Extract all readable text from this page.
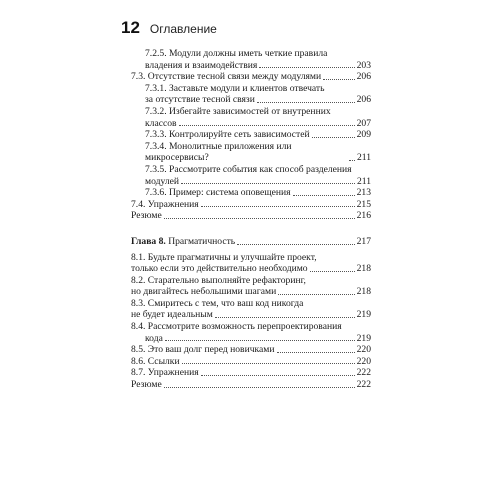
12 Оглавление
7.2.5. Модули должны иметь четкие правила
владения и взаимодействия	203
7.3. Отсутствие тесной связи между модулями	206
7.3.1. Заставьте модули и клиентов отвечать
за отсутствие тесной связи	206
7.3.2. Избегайте зависимостей от внутренних
классов	207
7.3.3. Контролируйте сеть зависимостей	209
7.3.4. Монолитные приложения или микросервисы?	211
7.3.5. Рассмотрите события как способ разделения
модулей	211
7.3.6. Пример: система оповещения	213
7.4. Упражнения	215
Резюме	216
Глава 8. Прагматичность	217
8.1. Будьте прагматичны и улучшайте проект,
только если это действительно необходимо	218
8.2. Старательно выполняйте рефакторинг,
но двигайтесь небольшими шагами	218
8.3. Смиритесь с тем, что ваш код никогда
не будет идеальным	219
8.4. Рассмотрите возможность перепроектирования
кода	219
8.5. Это ваш долг перед новичками	220
8.6. Ссылки	220
8.7. Упражнения	222
Резюме	222
